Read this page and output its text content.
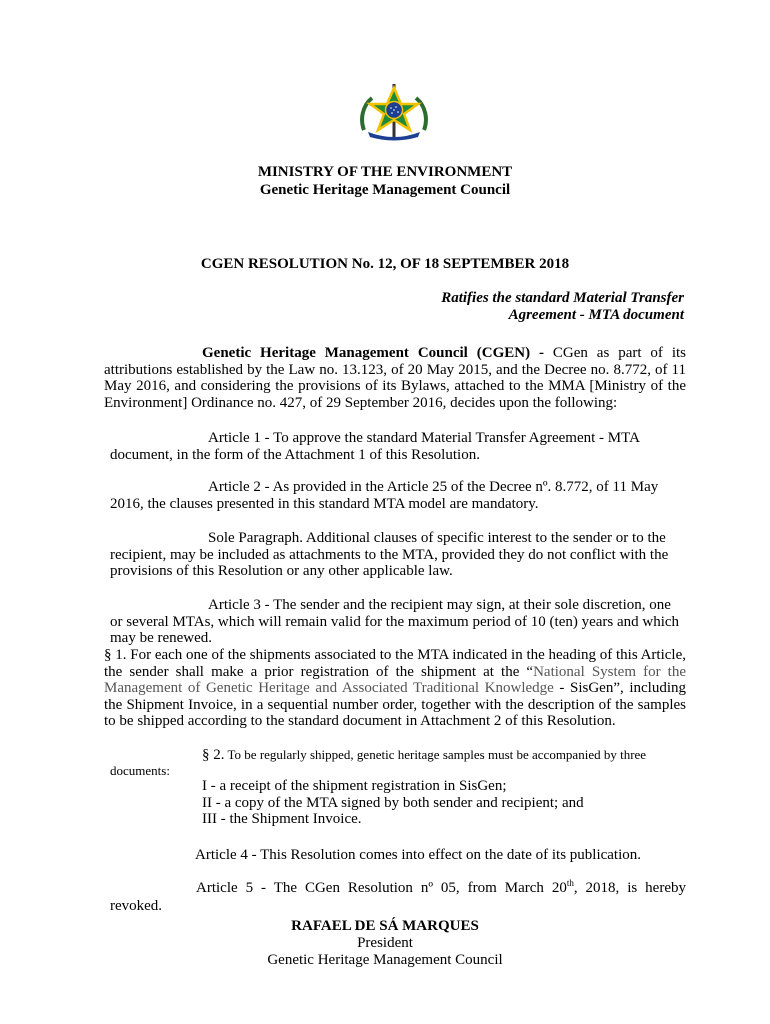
MINISTRY OF THE ENVIRONMENT
Genetic Heritage Management Council
CGEN RESOLUTION No. 12, OF 18 SEPTEMBER 2018
Ratifies the standard Material Transfer
Agreement - MTA document
Genetic Heritage Management Council (CGEN) - CGen as part of its attributions established by the Law no. 13.123, of 20 May 2015, and the Decree no. 8.772, of 11 May 2016, and considering the provisions of its Bylaws, attached to the MMA [Ministry of the Environment] Ordinance no. 427, of 29 September 2016, decides upon the following:
Article 1 - To approve the standard Material Transfer Agreement - MTA document, in the form of the Attachment 1 of this Resolution.
Article 2 - As provided in the Article 25 of the Decree nº. 8.772, of 11 May 2016, the clauses presented in this standard MTA model are mandatory.
Sole Paragraph. Additional clauses of specific interest to the sender or to the recipient, may be included as attachments to the MTA, provided they do not conflict with the provisions of this Resolution or any other applicable law.
Article 3 - The sender and the recipient may sign, at their sole discretion, one or several MTAs, which will remain valid for the maximum period of 10 (ten) years and which may be renewed.
§ 1. For each one of the shipments associated to the MTA indicated in the heading of this Article, the sender shall make a prior registration of the shipment at the “National System for the Management of Genetic Heritage and Associated Traditional Knowledge - SisGen”, including the Shipment Invoice, in a sequential number order, together with the description of the samples to be shipped according to the standard document in Attachment 2 of this Resolution.
§ 2. To be regularly shipped, genetic heritage samples must be accompanied by three documents:
I - a receipt of the shipment registration in SisGen;
II - a copy of the MTA signed by both sender and recipient; and
III - the Shipment Invoice.
Article 4 - This Resolution comes into effect on the date of its publication.
Article 5 - The CGen Resolution nº 05, from March 20th, 2018, is hereby
revoked.
RAFAEL DE SÁ MARQUES
President
Genetic Heritage Management Council
